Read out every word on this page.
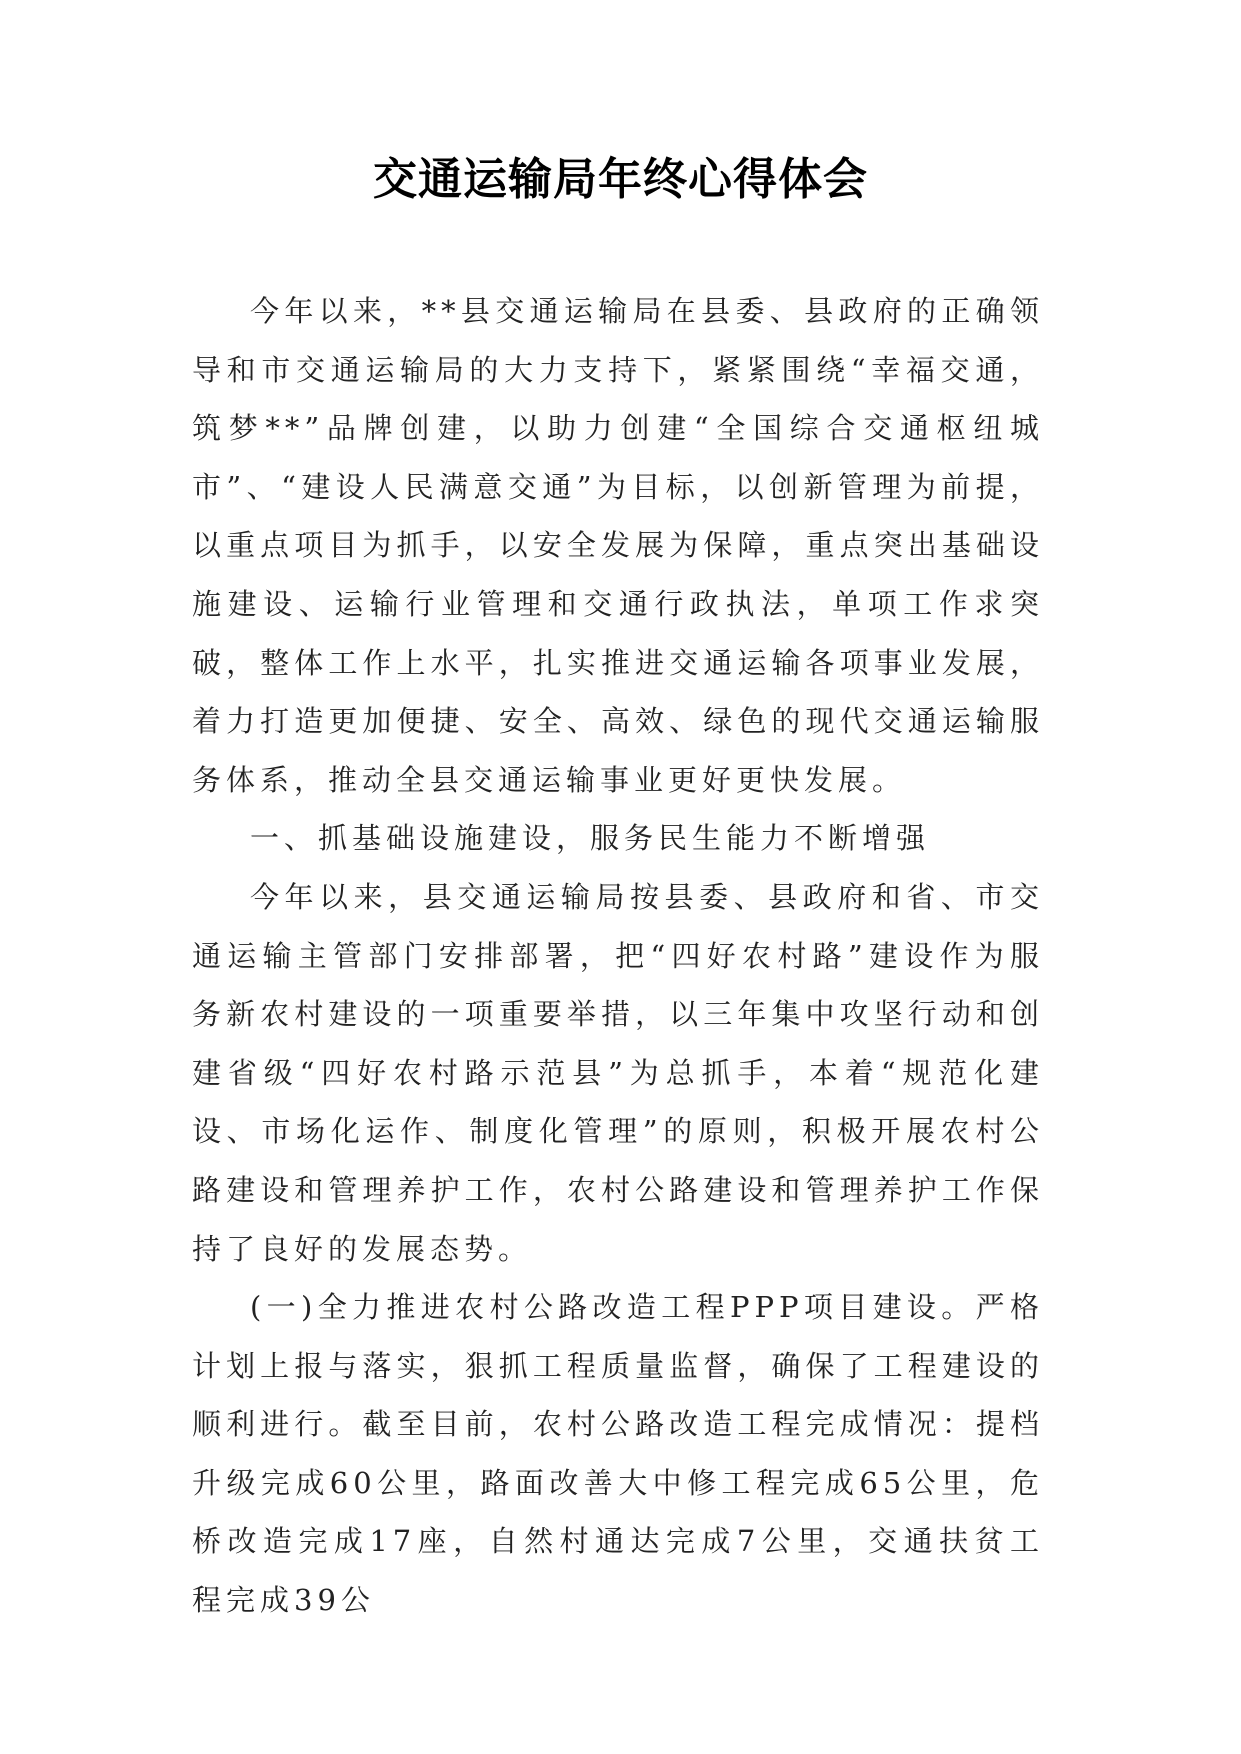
交通运输局年终心得体会

今年以来，**县交通运输局在县委、县政府的正确领导和市交通运输局的大力支持下，紧紧围绕“幸福交通，筑梦**”品牌创建，以助力创建“全国综合交通枢纽城市”、“建设人民满意交通”为目标，以创新管理为前提，以重点项目为抓手，以安全发展为保障，重点突出基础设施建设、运输行业管理和交通行政执法，单项工作求突破，整体工作上水平，扎实推进交通运输各项事业发展，着力打造更加便捷、安全、高效、绿色的现代交通运输服务体系，推动全县交通运输事业更好更快发展。

一、抓基础设施建设，服务民生能力不断增强

今年以来，县交通运输局按县委、县政府和省、市交通运输主管部门安排部署，把“四好农村路”建设作为服务新农村建设的一项重要举措，以三年集中攻坚行动和创建省级“四好农村路示范县”为总抓手，本着“规范化建设、市场化运作、制度化管理”的原则，积极开展农村公路建设和管理养护工作，农村公路建设和管理养护工作保持了良好的发展态势。

(一)全力推进农村公路改造工程PPP项目建设。严格计划上报与落实，狠抓工程质量监督，确保了工程建设的顺利进行。截至目前，农村公路改造工程完成情况：提档升级完成60公里，路面改善大中修工程完成65公里，危桥改造完成17座，自然村通达完成7公里，交通扶贫工程完成39公
